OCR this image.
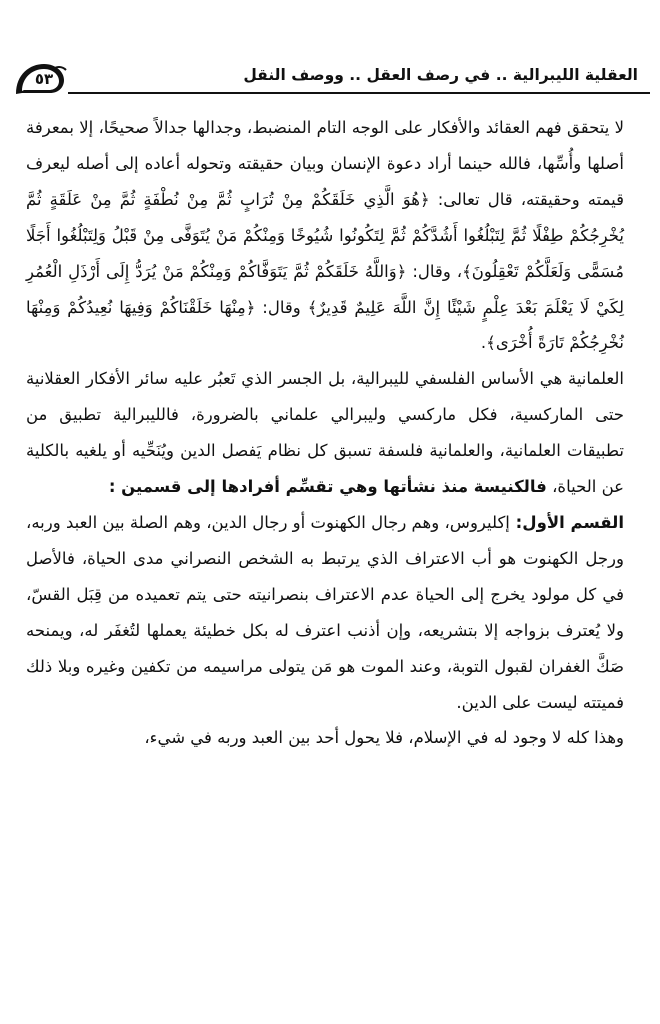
٥٣	العقلية الليبرالية .. في رصف العقل .. ووصف النقل

لا يتحقق فهم العقائد والأفكار على الوجه التام المنضبط، وجدالها جدالاً صحيحًا، إلا بمعرفة أصلها وأُسِّها، فالله حينما أراد دعوة الإنسان وبيان حقيقته وتحوله أعاده إلى أصله ليعرف قيمته وحقيقته، قال تعالى: ﴿هُوَ الَّذِي خَلَقَكُمْ مِنْ تُرَابٍ ثُمَّ مِنْ نُطْفَةٍ ثُمَّ مِنْ عَلَقَةٍ ثُمَّ يُخْرِجُكُمْ طِفْلًا ثُمَّ لِتَبْلُغُوا أَشُدَّكُمْ ثُمَّ لِتَكُونُوا شُيُوخًا وَمِنْكُمْ مَنْ يُتَوَفَّى مِنْ قَبْلُ وَلِتَبْلُغُوا أَجَلًا مُسَمًّى وَلَعَلَّكُمْ تَعْقِلُونَ﴾، وقال: ﴿وَاللَّهُ خَلَقَكُمْ ثُمَّ يَتَوَفَّاكُمْ وَمِنْكُمْ مَنْ يُرَدُّ إِلَى أَرْذَلِ الْعُمُرِ لِكَيْ لَا يَعْلَمَ بَعْدَ عِلْمٍ شَيْئًا إِنَّ اللَّهَ عَلِيمٌ قَدِيرٌ﴾ وقال: ﴿مِنْهَا خَلَقْنَاكُمْ وَفِيهَا نُعِيدُكُمْ وَمِنْهَا نُخْرِجُكُمْ تَارَةً أُخْرَى﴾.

العلمانية هي الأساس الفلسفي لليبرالية، بل الجسر الذي تَعبُر عليه سائر الأفكار العقلانية حتى الماركسية، فكل ماركسي وليبرالي علماني بالضرورة، فالليبرالية تطبيق من تطبيقات العلمانية، والعلمانية فلسفة تسبق كل نظام يَفصل الدين ويُنَحِّيه أو يلغيه بالكلية عن الحياة، فالكنيسة منذ نشأتها وهي تقسِّم أفرادها إلى قسمين :

القسم الأول: إكليروس، وهم رجال الكهنوت أو رجال الدين، وهم الصلة بين العبد وربه، ورجل الكهنوت هو أب الاعتراف الذي يرتبط به الشخص النصراني مدى الحياة، فالأصل في كل مولود يخرج إلى الحياة عدم الاعتراف بنصرانيته حتى يتم تعميده من قِبَل القسّ، ولا يُعترف بزواجه إلا بتشريعه، وإن أذنب اعترف له بكل خطيئة يعملها لتُغفَر له، ويمنحه صَكَّ الغفران لقبول التوبة، وعند الموت هو مَن يتولى مراسيمه من تكفين وغيره وبلا ذلك فميتته ليست على الدين.

وهذا كله لا وجود له في الإسلام، فلا يحول أحد بين العبد وربه في شيء،
